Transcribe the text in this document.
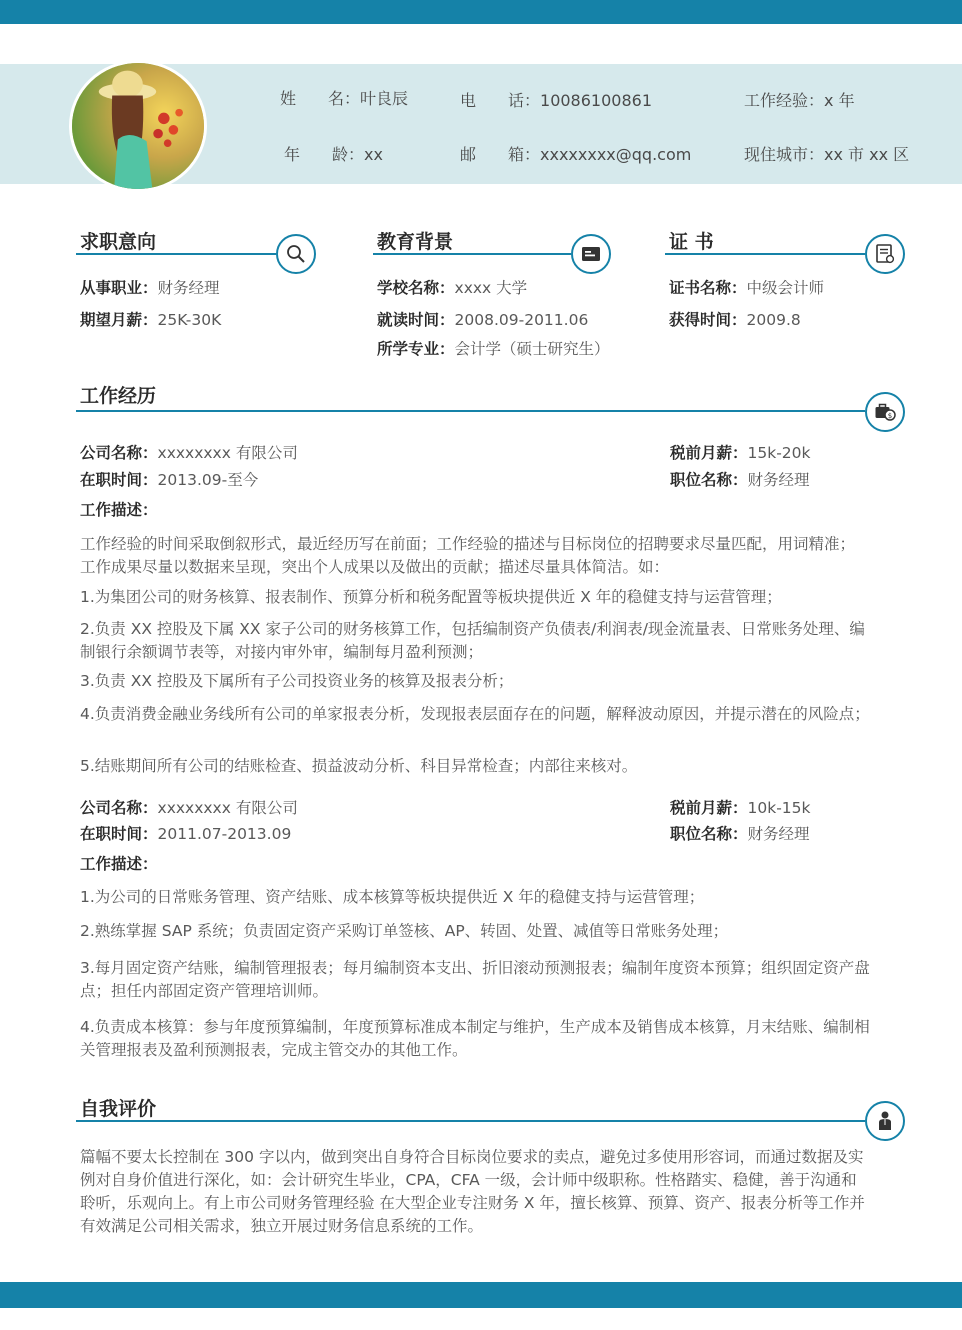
姓　　名：叶良辰
年　　龄：xx
电　　话：10086100861
邮　　箱：xxxxxxxx@qq.com
工作经验：x 年
现住城市：xx 市 xx 区
求职意向
从事职业：财务经理
期望月薪：25K-30K
教育背景
学校名称：xxxx 大学
就读时间：2008.09-2011.06
所学专业：会计学（硕士研究生）
证 书
证书名称：中级会计师
获得时间：2009.8
工作经历
$
公司名称：xxxxxxxx 有限公司	税前月薪：15k-20k
在职时间：2013.09-至今	职位名称：财务经理
工作描述：
工作经验的时间采取倒叙形式，最近经历写在前面；工作经验的描述与目标岗位的招聘要求尽量匹配，用词精准；工作成果尽量以数据来呈现，突出个人成果以及做出的贡献；描述尽量具体简洁。如：
1.为集团公司的财务核算、报表制作、预算分析和税务配置等板块提供近 X 年的稳健支持与运营管理；
2.负责 XX 控股及下属 XX 家子公司的财务核算工作，包括编制资产负债表/利润表/现金流量表、日常账务处理、编制银行余额调节表等，对接内审外审，编制每月盈利预测；
3.负责 XX 控股及下属所有子公司投资业务的核算及报表分析；
4.负责消费金融业务线所有公司的单家报表分析，发现报表层面存在的问题，解释波动原因，并提示潜在的风险点；
5.结账期间所有公司的结账检查、损益波动分析、科目异常检查；内部往来核对。
公司名称：xxxxxxxx 有限公司	税前月薪：10k-15k
在职时间：2011.07-2013.09	职位名称：财务经理
工作描述：
1.为公司的日常账务管理、资产结账、成本核算等板块提供近 X 年的稳健支持与运营管理；
2.熟练掌握 SAP 系统；负责固定资产采购订单签核、AP、转固、处置、减值等日常账务处理；
3.每月固定资产结账，编制管理报表；每月编制资本支出、折旧滚动预测报表；编制年度资本预算；组织固定资产盘点；担任内部固定资产管理培训师。
4.负责成本核算：参与年度预算编制，年度预算标准成本制定与维护，生产成本及销售成本核算，月末结账、编制相关管理报表及盈利预测报表，完成主管交办的其他工作。
自我评价
篇幅不要太长控制在 300 字以内，做到突出自身符合目标岗位要求的卖点，避免过多使用形容词，而通过数据及实例对自身价值进行深化，如：会计研究生毕业，CPA，CFA 一级，会计师中级职称。性格踏实、稳健，善于沟通和聆听，乐观向上。有上市公司财务管理经验 在大型企业专注财务 X 年，擅长核算、预算、资产、报表分析等工作并有效满足公司相关需求，独立开展过财务信息系统的工作。
